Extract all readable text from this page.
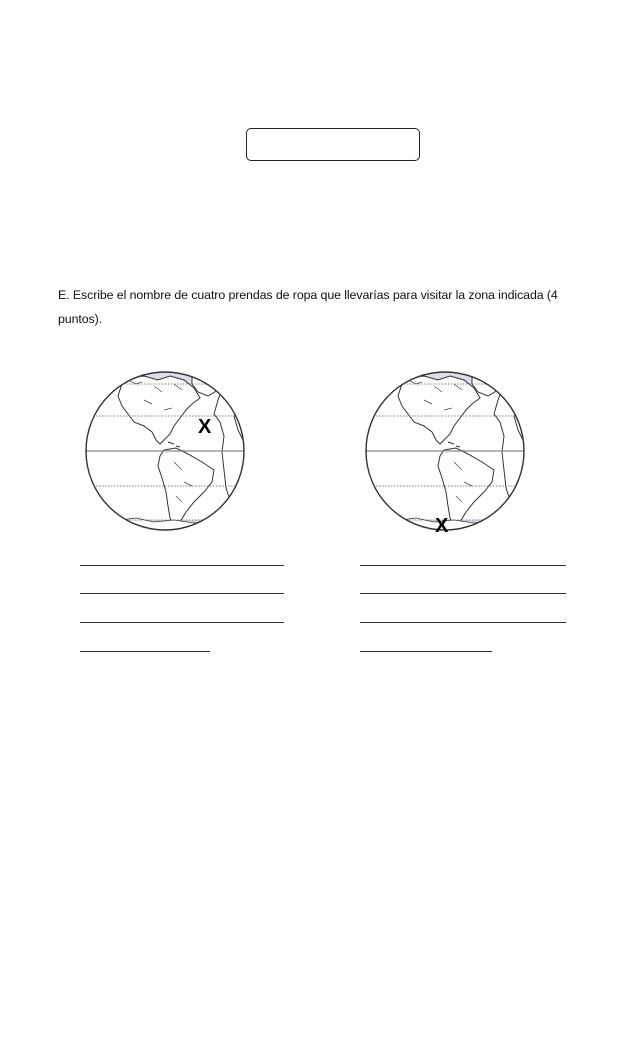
E. Escribe el nombre de cuatro prendas de ropa que llevarías para visitar la zona indicada (4 puntos).
X
X
